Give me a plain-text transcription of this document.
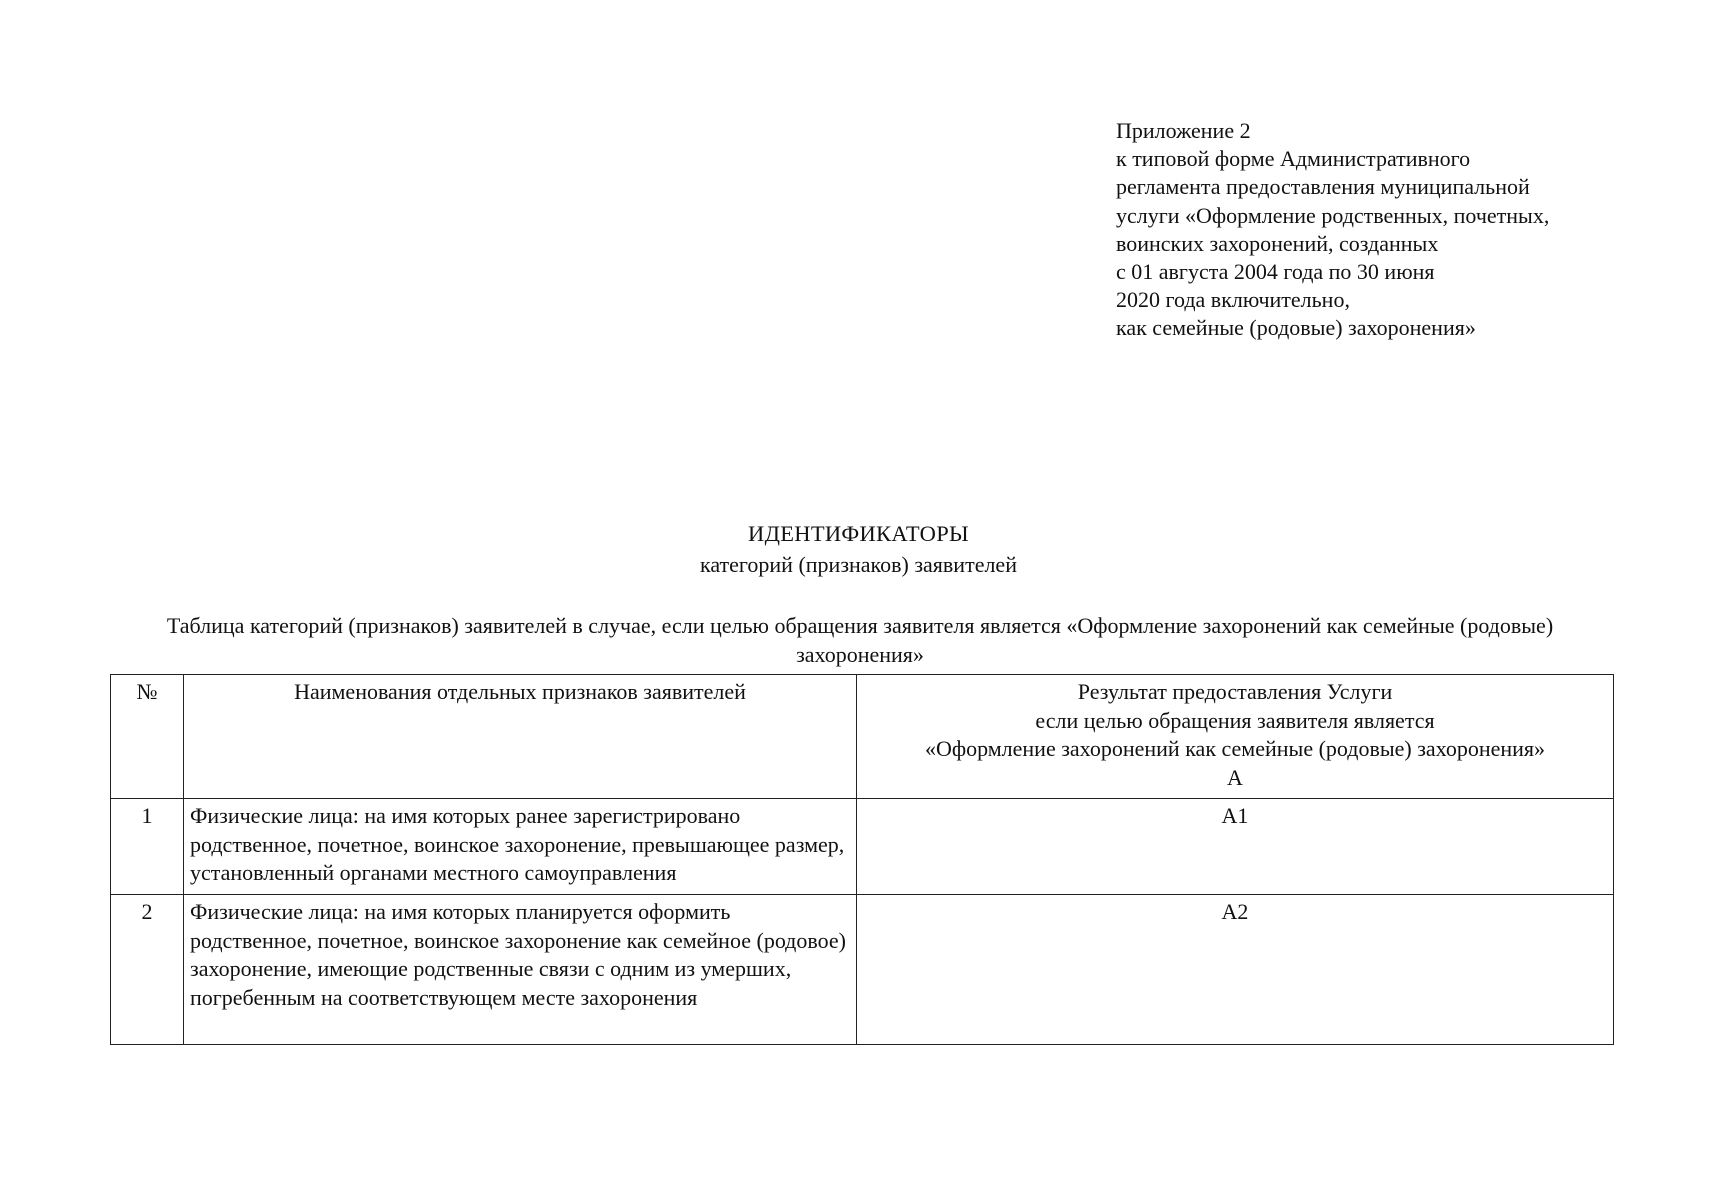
Приложение 2
к типовой форме Административного
регламента предоставления муниципальной
услуги «Оформление родственных, почетных,
воинских захоронений, созданных
с 01 августа 2004 года по 30 июня
2020 года включительно,
как семейные (родовые) захоронения»
ИДЕНТИФИКАТОРЫ
категорий (признаков) заявителей
Таблица категорий (признаков) заявителей в случае, если целью обращения заявителя является «Оформление захоронений как семейные (родовые) захоронения»
№	Наименования отдельных признаков заявителей	Результат предоставления Услуги
если целью обращения заявителя является
«Оформление захоронений как семейные (родовые) захоронения»
А

1	Физические лица: на имя которых ранее зарегистрировано родственное, почетное, воинское захоронение, превышающее размер, установленный органами местного самоуправления	А1
2	Физические лица: на имя которых планируется оформить родственное, почетное, воинское захоронение как семейное (родовое) захоронение, имеющие родственные связи с одним из умерших, погребенным на соответствующем месте захоронения	А2
